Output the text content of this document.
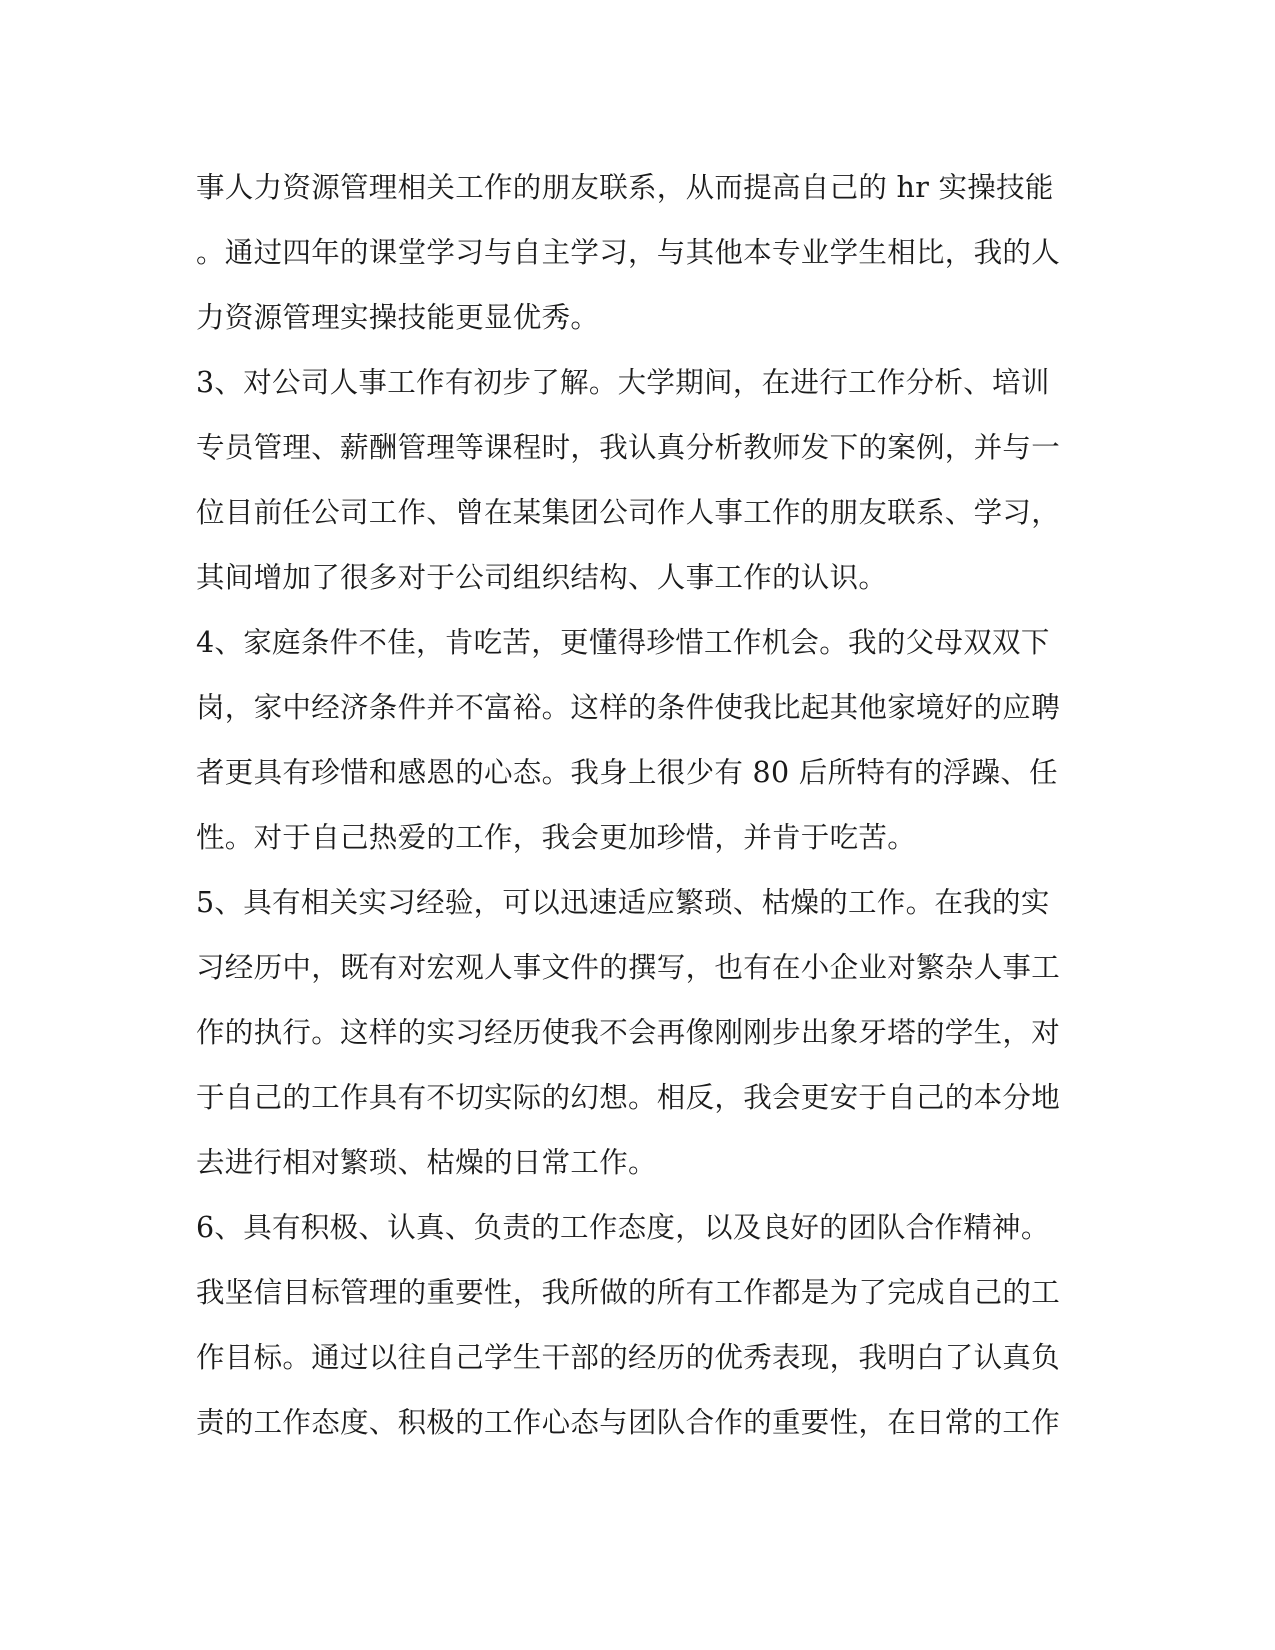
事人力资源管理相关工作的朋友联系，从而提高自己的 hr 实操技能
。通过四年的课堂学习与自主学习，与其他本专业学生相比，我的人
力资源管理实操技能更显优秀。
3、对公司人事工作有初步了解。大学期间，在进行工作分析、培训
专员管理、薪酬管理等课程时，我认真分析教师发下的案例，并与一
位目前任公司工作、曾在某集团公司作人事工作的朋友联系、学习，
其间增加了很多对于公司组织结构、人事工作的认识。
4、家庭条件不佳，肯吃苦，更懂得珍惜工作机会。我的父母双双下
岗，家中经济条件并不富裕。这样的条件使我比起其他家境好的应聘
者更具有珍惜和感恩的心态。我身上很少有 80 后所特有的浮躁、任
性。对于自己热爱的工作，我会更加珍惜，并肯于吃苦。
5、具有相关实习经验，可以迅速适应繁琐、枯燥的工作。在我的实
习经历中，既有对宏观人事文件的撰写，也有在小企业对繁杂人事工
作的执行。这样的实习经历使我不会再像刚刚步出象牙塔的学生，对
于自己的工作具有不切实际的幻想。相反，我会更安于自己的本分地
去进行相对繁琐、枯燥的日常工作。
6、具有积极、认真、负责的工作态度，以及良好的团队合作精神。
我坚信目标管理的重要性，我所做的所有工作都是为了完成自己的工
作目标。通过以往自己学生干部的经历的优秀表现，我明白了认真负
责的工作态度、积极的工作心态与团队合作的重要性，在日常的工作
